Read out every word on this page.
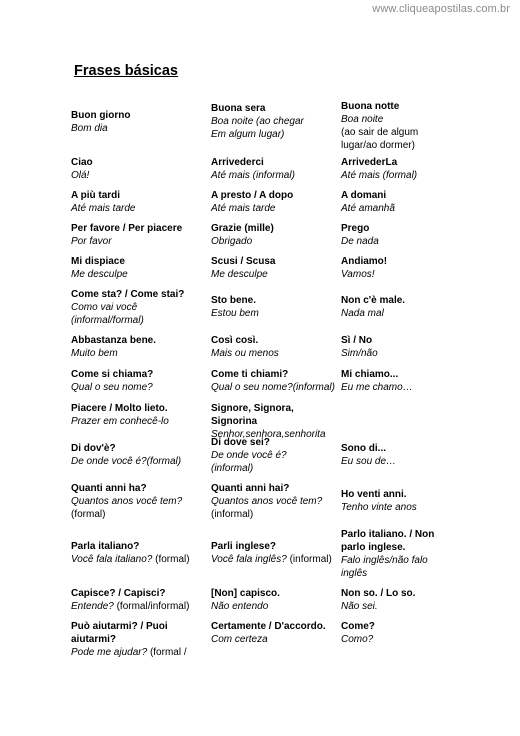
www.cliqueapostilas.com.br
Frases básicas
Buon giorno
Bom dia
Buona sera
Boa noite (ao chegar
Em algum lugar)
Buona notte
Boa noite
(ao sair de algum
lugar/ao dormer)
Ciao
Olá!
Arrivederci
Até mais (informal)
ArrivederLa
Até mais (formal)
A più tardi
Até mais tarde
A presto / A dopo
Até mais tarde
A domani
Até amanhã
Per favore / Per piacere
Por favor
Grazie (mille)
Obrigado
Prego
De nada
Mi dispiace
Me desculpe
Scusi / Scusa
Me desculpe
Andiamo!
Vamos!
Come sta? / Come stai?
Como vai você
(informal/formal)
Sto bene.
Estou bem
Non c'è male.
Nada mal
Abbastanza bene.
Muito bem
Così così.
Mais ou menos
Sì / No
Sim/não
Come si chiama?
Qual o seu nome?
Come ti chiami?
Qual o seu nome?(informal)
Mi chiamo...
Eu me chamo…
Piacere / Molto lieto.
Prazer em conhecê-lo
Signore, Signora, Signorina
Senhor,senhora,senhorita
Di dov'è?
De onde você é?(formal)
Di dove sei?
De onde você é?
(informal)
Sono di...
Eu sou de…
Quanti anni ha?
Quantos anos você tem?
(formal)
Quanti anni hai?
Quantos anos você tem?
(informal)
Ho venti anni.
Tenho vinte anos
Parla italiano?
Você fala italiano? (formal)
Parli inglese?
Você fala inglês? (informal)
Parlo italiano. / Non parlo inglese.
Falo inglês/não falo
inglês
Capisce? / Capisci?
Entende? (formal/informal)
[Non] capisco.
Não entendo
Non so. / Lo so.
Não sei.
Può aiutarmi? / Puoi aiutarmi?
Pode me ajudar? (formal /
Certamente / D'accordo.
Com certeza
Come?
Como?
